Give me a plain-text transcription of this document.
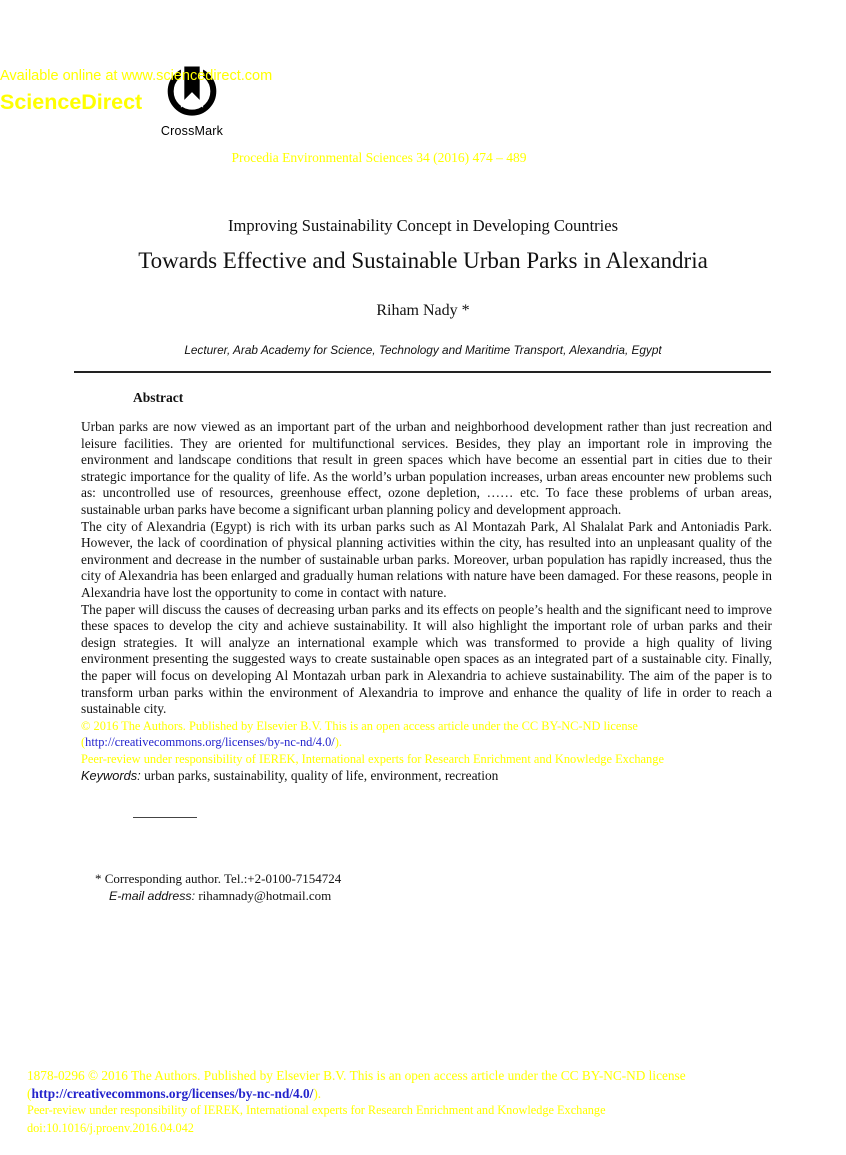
CrossMark
Available online at www.sciencedirect.com
ScienceDirect
Procedia Environmental Sciences 34 (2016) 474 – 489
Improving Sustainability Concept in Developing Countries
Towards Effective and Sustainable Urban Parks in Alexandria
Riham Nady *
Lecturer, Arab Academy for Science, Technology and Maritime Transport, Alexandria, Egypt
Abstract

Urban parks are now viewed as an important part of the urban and neighborhood development rather than just recreation and leisure facilities. They are oriented for multifunctional services. Besides, they play an important role in improving the environment and landscape conditions that result in green spaces which have become an essential part in cities due to their strategic importance for the quality of life. As the world’s urban population increases, urban areas encounter new problems such as: uncontrolled use of resources, greenhouse effect, ozone depletion, …… etc. To face these problems of urban areas, sustainable urban parks have become a significant urban planning policy and development approach.

The city of Alexandria (Egypt) is rich with its urban parks such as Al Montazah Park, Al Shalalat Park and Antoniadis Park. However, the lack of coordination of physical planning activities within the city, has resulted into an unpleasant quality of the environment and decrease in the number of sustainable urban parks. Moreover, urban population has rapidly increased, thus the city of Alexandria has been enlarged and gradually human relations with nature have been damaged. For these reasons, people in Alexandria have lost the opportunity to come in contact with nature.

The paper will discuss the causes of decreasing urban parks and its effects on people’s health and the significant need to improve these spaces to develop the city and achieve sustainability. It will also highlight the important role of urban parks and their design strategies. It will analyze an international example which was transformed to provide a high quality of living environment presenting the suggested ways to create sustainable open spaces as an integrated part of a sustainable city. Finally, the paper will focus on developing Al Montazah urban park in Alexandria to achieve sustainability. The aim of the paper is to transform urban parks within the environment of Alexandria to improve and enhance the quality of life in order to reach a sustainable city.

© 2016 The Authors. Published by Elsevier B.V. This is an open access article under the CC BY-NC-ND license
(http://creativecommons.org/licenses/by-nc-nd/4.0/).
Peer-review under responsibility of IEREK, International experts for Research Enrichment and Knowledge Exchange
Keywords: urban parks, sustainability, quality of life, environment, recreation
* Corresponding author. Tel.:+2-0100-7154724
E-mail address: rihamnady@hotmail.com
1878-0296 © 2016 The Authors. Published by Elsevier B.V. This is an open access article under the CC BY-NC-ND license
(http://creativecommons.org/licenses/by-nc-nd/4.0/).
Peer-review under responsibility of IEREK, International experts for Research Enrichment and Knowledge Exchange
doi:10.1016/j.proenv.2016.04.042
